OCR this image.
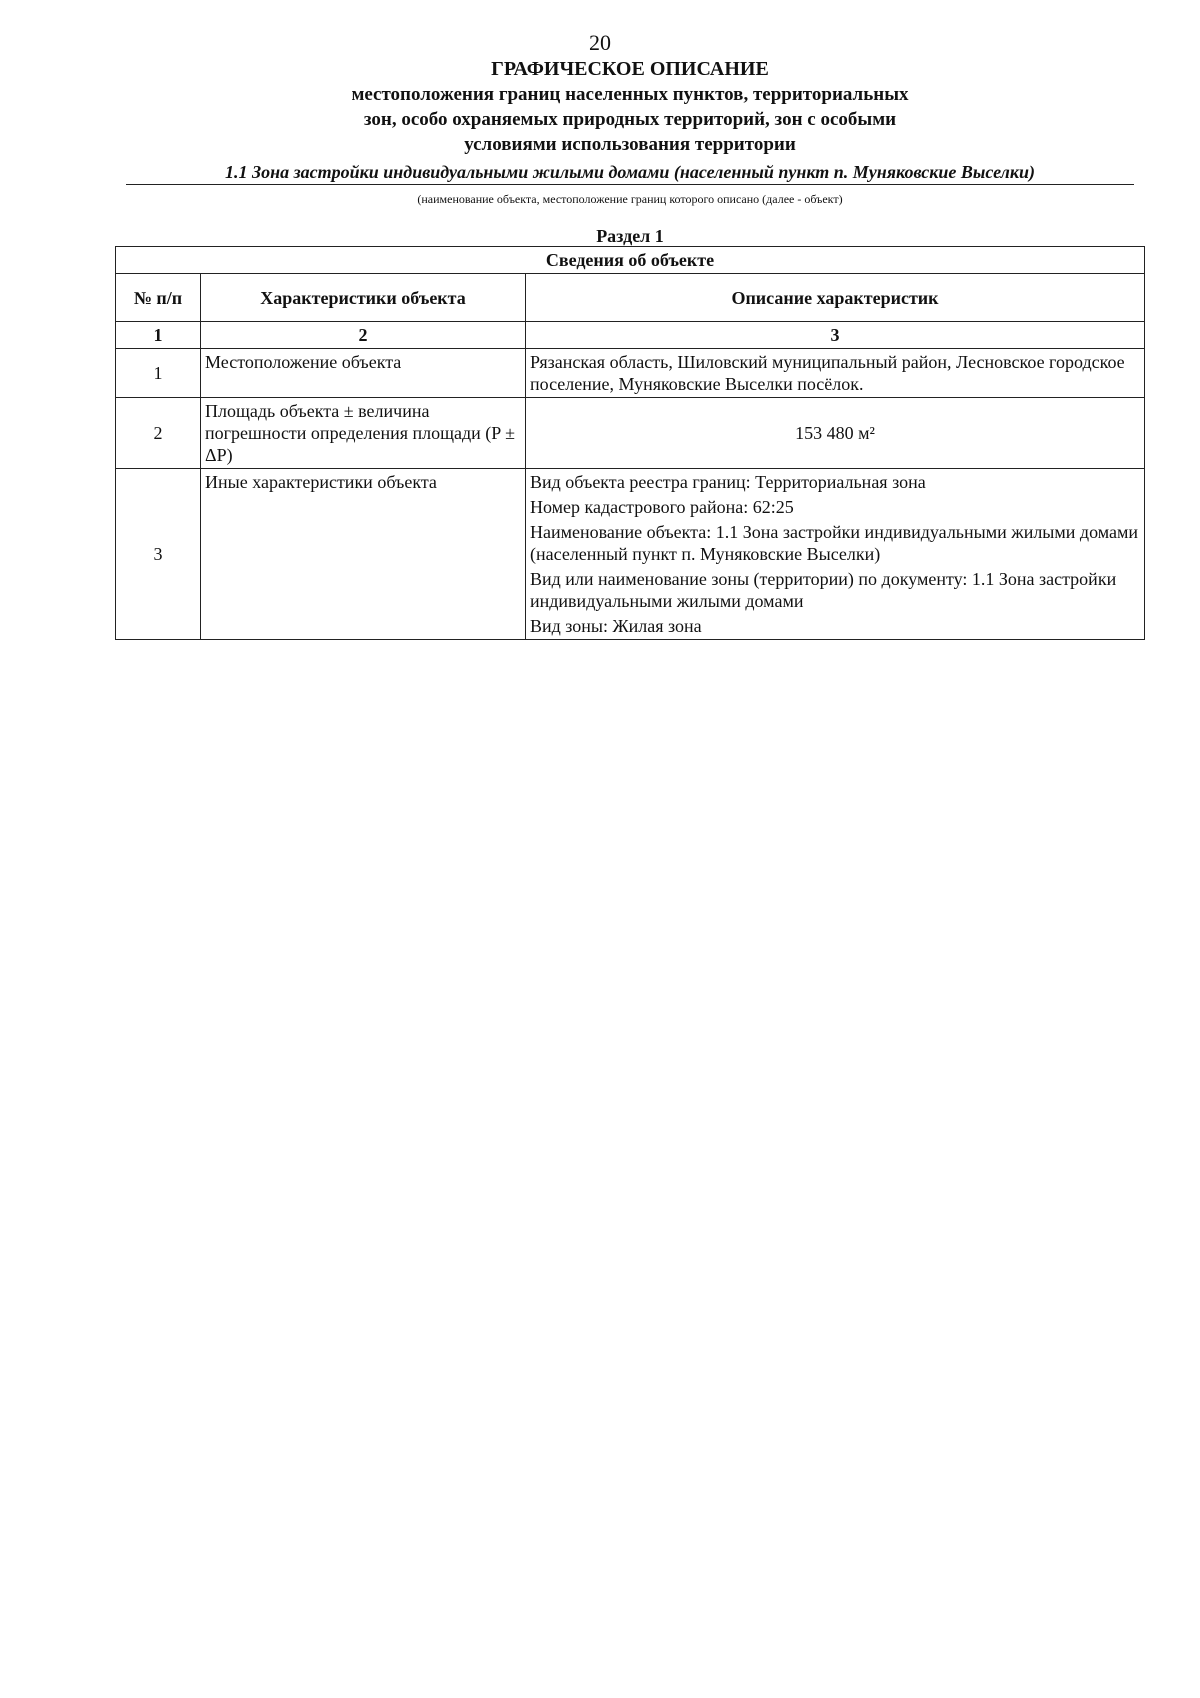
20
ГРАФИЧЕСКОЕ ОПИСАНИЕ
местоположения границ населенных пунктов, территориальных
зон, особо охраняемых природных территорий, зон с особыми
условиями использования территории
1.1 Зона застройки индивидуальными жилыми домами (населенный пункт п. Муняковские Выселки)
(наименование объекта, местоположение границ которого описано (далее - объект)
Раздел 1
Сведения об объекте		
№ п/п	Характеристики объекта	Описание характеристик
1	2	3
1	Местоположение объекта	Рязанская область, Шиловский муниципальный район, Лесновское городское поселение, Муняковские Выселки посёлок.
2	Площадь объекта ± величина погрешности определения площади (P ± ΔP)	153 480 м²
3	Иные характеристики объекта	Вид объекта реестра границ: Территориальная зона
Номер кадастрового района: 62:25
Наименование объекта: 1.1 Зона застройки индивидуальными жилыми домами (населенный пункт п. Муняковские Выселки)
Вид или наименование зоны (территории) по документу: 1.1 Зона застройки индивидуальными жилыми домами
Вид зоны: Жилая зона
